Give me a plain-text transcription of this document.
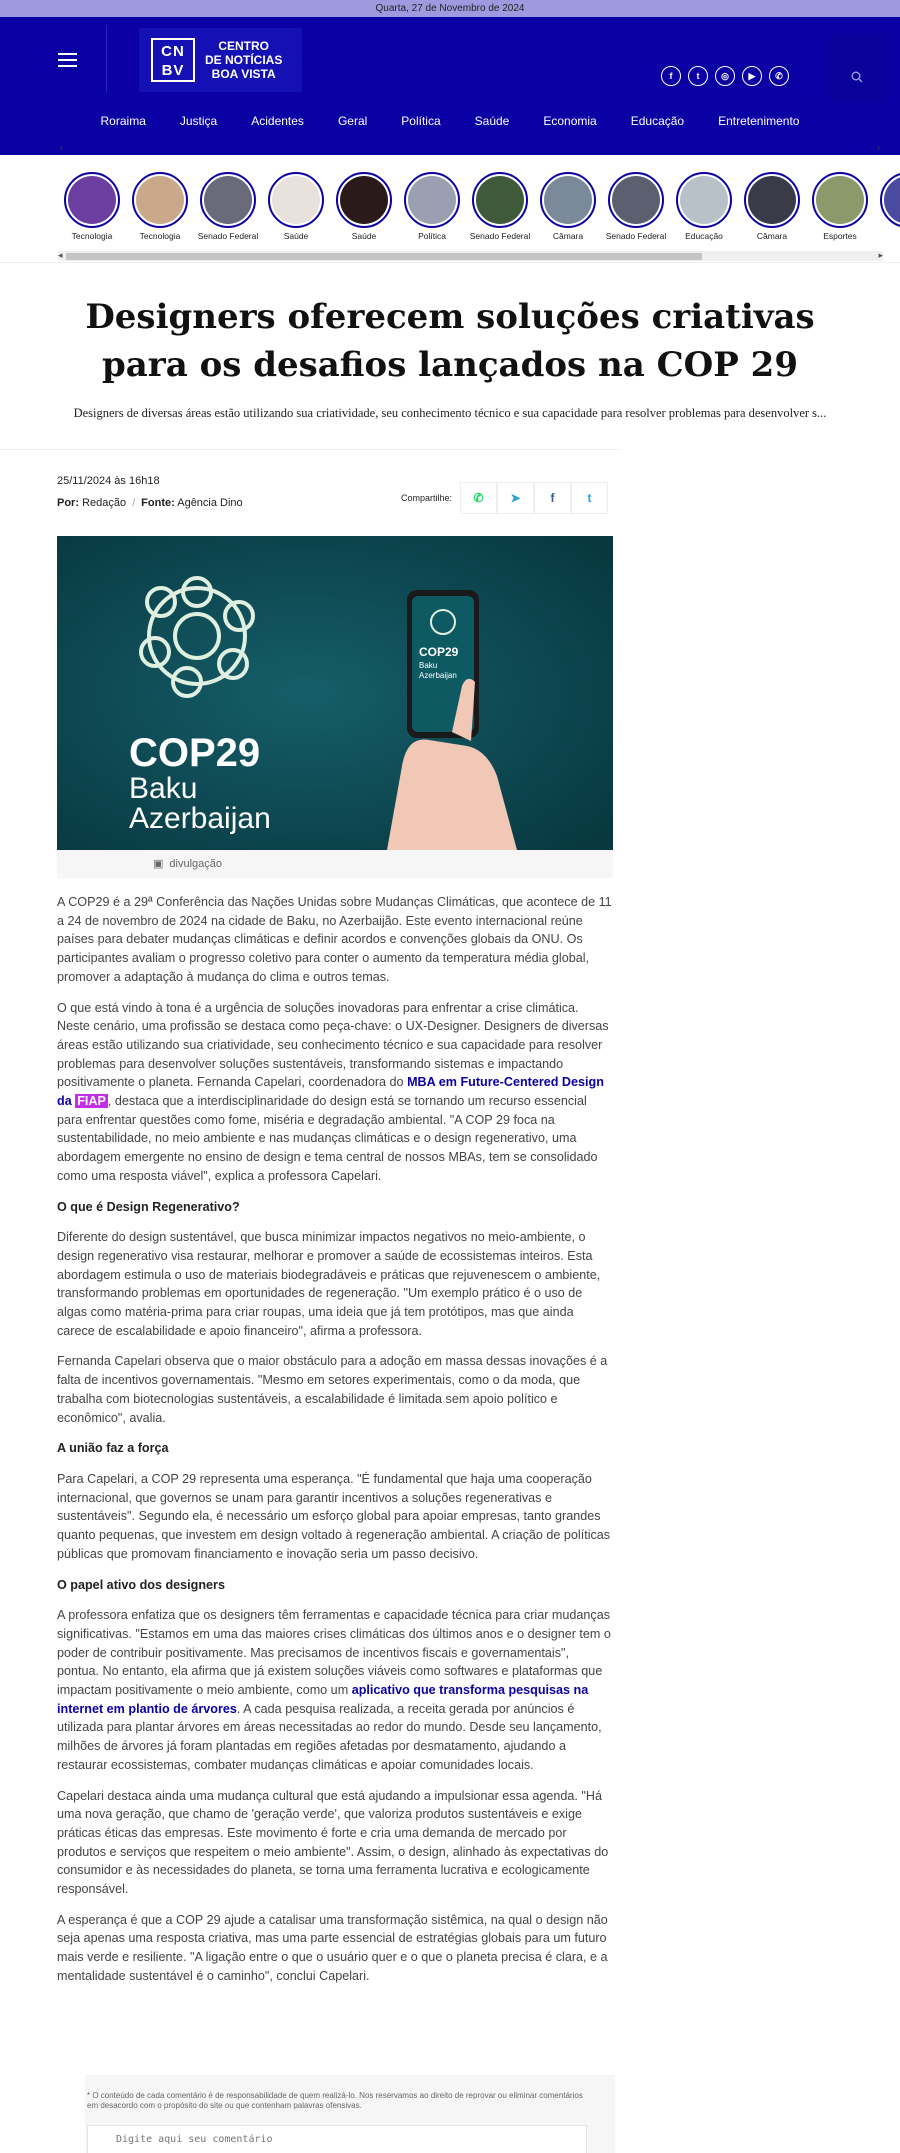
Quarta, 27 de Novembro de 2024
CN BV
CENTRO
DE NOTÍCIAS
BOA VISTA	f	t	◎	▶	✆
Roraima	Justiça	Acidentes	Geral	Política	Saúde	Economia	Educação	Entretenimento
‹	›
Tecnologia	Tecnologia	Senado Federal	Saúde	Saúde	Política	Senado Federal	Câmara	Senado Federal	Educação	Câmara	Esportes
◂	▸
Designers oferecem soluções criativas para os desafios lançados na COP 29
Designers de diversas áreas estão utilizando sua criatividade, seu conhecimento técnico e sua capacidade para resolver problemas para desenvolver s...
25/11/2024 às 16h18
Por: Redação / Fonte: Agência Dino	Compartilhe: ✆ ➤ f	t
COP29
Baku
Azerbaijan
COP29
Baku
Azerbaijan
▣ divulgação

A COP29 é a 29ª Conferência das Nações Unidas sobre Mudanças Climáticas, que acontece de 11 a 24 de novembro de 2024 na cidade de Baku, no Azerbaijão. Este evento internacional reúne países para debater mudanças climáticas e definir acordos e convenções globais da ONU. Os participantes avaliam o progresso coletivo para conter o aumento da temperatura média global, promover a adaptação à mudança do clima e outros temas.

O que está vindo à tona é a urgência de soluções inovadoras para enfrentar a crise climática. Neste cenário, uma profissão se destaca como peça-chave: o UX-Designer. Designers de diversas áreas estão utilizando sua criatividade, seu conhecimento técnico e sua capacidade para resolver problemas para desenvolver soluções sustentáveis, transformando sistemas e impactando positivamente o planeta. Fernanda Capelari, coordenadora do MBA em Future-Centered Design da FIAP , destaca que a interdisciplinaridade do design está se tornando um recurso essencial para enfrentar questões como fome, miséria e degradação ambiental. "A COP 29 foca na sustentabilidade, no meio ambiente e nas mudanças climáticas e o design regenerativo, uma abordagem emergente no ensino de design e tema central de nossos MBAs, tem se consolidado como uma resposta viável", explica a professora Capelari.

O que é Design Regenerativo?

Diferente do design sustentável, que busca minimizar impactos negativos no meio-ambiente, o design regenerativo visa restaurar, melhorar e promover a saúde de ecossistemas inteiros. Esta abordagem estimula o uso de materiais biodegradáveis e práticas que rejuvenescem o ambiente, transformando problemas em oportunidades de regeneração. "Um exemplo prático é o uso de algas como matéria-prima para criar roupas, uma ideia que já tem protótipos, mas que ainda carece de escalabilidade e apoio financeiro", afirma a professora.

Fernanda Capelari observa que o maior obstáculo para a adoção em massa dessas inovações é a falta de incentivos governamentais. "Mesmo em setores experimentais, como o da moda, que trabalha com biotecnologias sustentáveis, a escalabilidade é limitada sem apoio político e econômico", avalia.

A união faz a força

Para Capelari, a COP 29 representa uma esperança. "É fundamental que haja uma cooperação internacional, que governos se unam para garantir incentivos a soluções regenerativas e sustentáveis". Segundo ela, é necessário um esforço global para apoiar empresas, tanto grandes quanto pequenas, que investem em design voltado à regeneração ambiental. A criação de políticas públicas que promovam financiamento e inovação seria um passo decisivo.

O papel ativo dos designers

A professora enfatiza que os designers têm ferramentas e capacidade técnica para criar mudanças significativas. "Estamos em uma das maiores crises climáticas dos últimos anos e o designer tem o poder de contribuir positivamente. Mas precisamos de incentivos fiscais e governamentais", pontua. No entanto, ela afirma que já existem soluções viáveis como softwares e plataformas que impactam positivamente o meio ambiente, como um aplicativo que transforma pesquisas na internet em plantio de árvores. A cada pesquisa realizada, a receita gerada por anúncios é utilizada para plantar árvores em áreas necessitadas ao redor do mundo. Desde seu lançamento, milhões de árvores já foram plantadas em regiões afetadas por desmatamento, ajudando a restaurar ecossistemas, combater mudanças climáticas e apoiar comunidades locais.

Capelari destaca ainda uma mudança cultural que está ajudando a impulsionar essa agenda. "Há uma nova geração, que chamo de 'geração verde', que valoriza produtos sustentáveis e exige práticas éticas das empresas. Este movimento é forte e cria uma demanda de mercado por produtos e serviços que respeitem o meio ambiente". Assim, o design, alinhado às expectativas do consumidor e às necessidades do planeta, se torna uma ferramenta lucrativa e ecologicamente responsável.

A esperança é que a COP 29 ajude a catalisar uma transformação sistêmica, na qual o design não seja apenas uma resposta criativa, mas uma parte essencial de estratégias globais para um futuro mais verde e resiliente. "A ligação entre o que o usuário quer e o que o planeta precisa é clara, e a mentalidade sustentável é o caminho", conclui Capelari.

* O conteúdo de cada comentário é de responsabilidade de quem realizá-lo. Nos reservamos ao direito de reprovar ou eliminar comentários em desacordo com o propósito do site ou que contenham palavras ofensivas.
Digite aqui seu comentário
